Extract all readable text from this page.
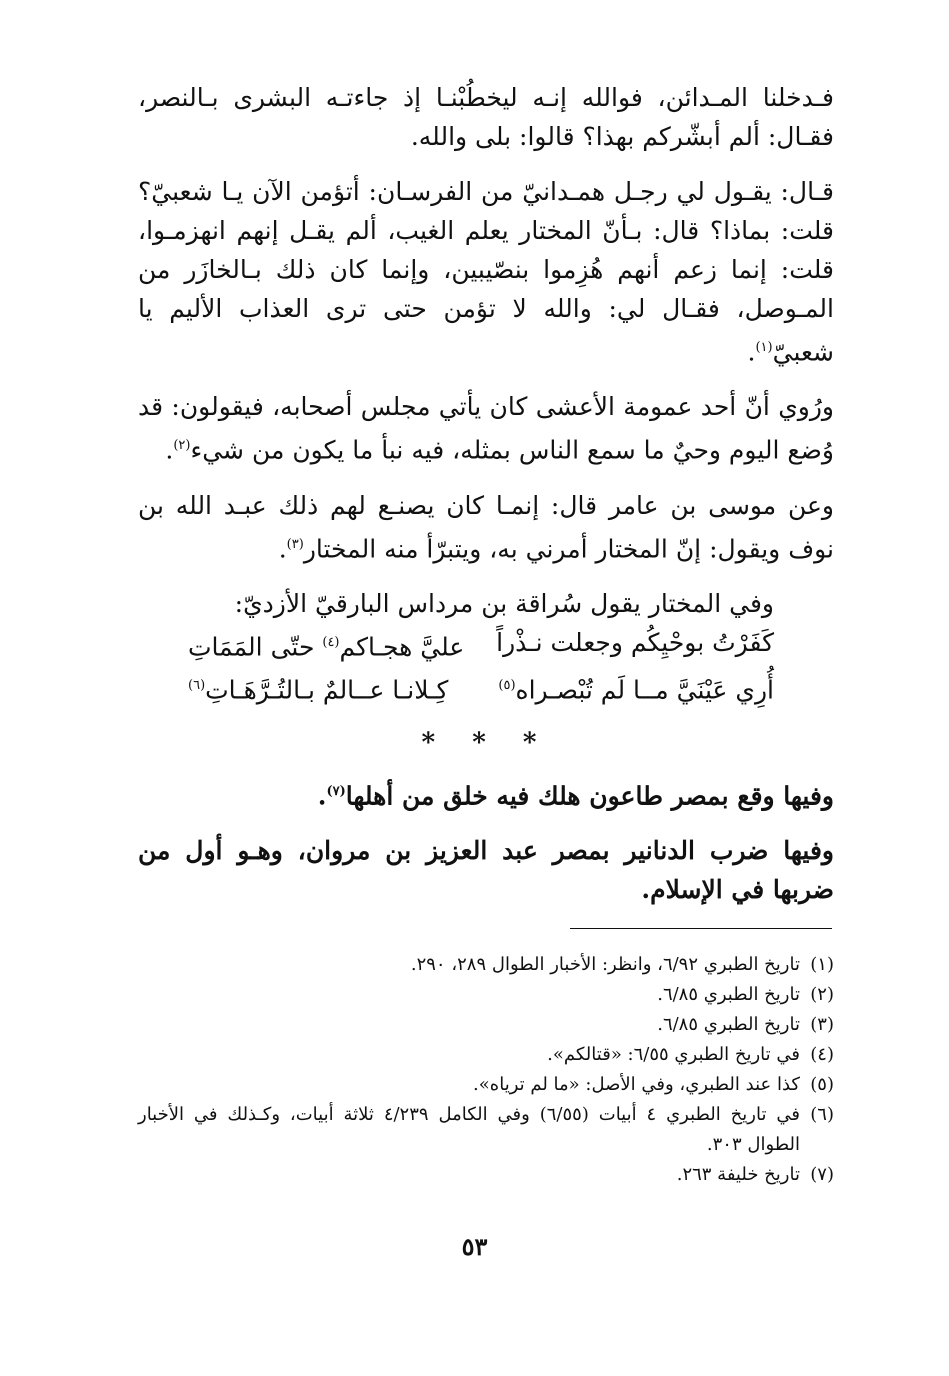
فـدخلنا المـدائن، فوالله إنـه ليخطُبْنـا إذ جاءتـه البشرى بـالنصر، فقـال: ألم أبشّركم بهذا؟ قالوا: بلى والله.

قـال: يقـول لي رجـل همـدانيّ من الفرسـان: أتؤمن الآن يـا شعبيّ؟ قلت: بماذا؟ قال: بـأنّ المختار يعلم الغيب، ألم يقـل إنهم انهزمـوا، قلت: إنما زعم أنهم هُزِموا بنصّيبين، وإنما كان ذلك بـالخازَر من المـوصل، فقـال لي: والله لا تؤمن حتى ترى العذاب الأليم يا شعبيّ$^{(١)}$.

ورُوي أنّ أحد عمومة الأعشى كان يأتي مجلس أصحابه، فيقولون: قد وُضع اليوم وحيٌ ما سمع الناس بمثله، فيه نبأ ما يكون من شيء$^{(٢)}$.

وعن موسى بن عامر قال: إنمـا كان يصنـع لهم ذلك عبـد الله بن نوف ويقول: إنّ المختار أمرني به، ويتبرّأ منه المختار$^{(٣)}$.

وفي المختار يقول سُراقة بن مرداس البارقيّ الأزديّ:

كَفَرْتُ بوحْيِكُم وجعلت نـذْراً
عليَّ هجـاكم$^{(٤)}$ حتّى المَمَاتِ
أُرِي عَيْنَيَّ مــا لَم تُبْصـراه$^{(٥)}$
كِـلانـا عــالمٌ بـالتُـرَّهَـاتِ$^{(٦)}$
* * *

وفيها وقع بمصر طاعون هلك فيه خلق من أهلها$^{(٧)}$.

وفيها ضرب الدنانير بمصر عبد العزيز بن مروان، وهـو أول من ضربها في الإسلام.

(١)
تاريخ الطبري ٦/٩٢، وانظر: الأخبار الطوال ٢٨٩، ٢٩٠.
(٢)
تاريخ الطبري ٦/٨٥.
(٣)
تاريخ الطبري ٦/٨٥.
(٤)
في تاريخ الطبري ٦/٥٥: «قتالكم».
(٥)
كذا عند الطبري، وفي الأصل: «ما لم ترياه».
(٦)
في تاريخ الطبري ٤ أبيات (٦/٥٥) وفي الكامل ٤/٢٣٩ ثلاثة أبيات، وكـذلك في الأخبار الطوال ٣٠٣.
(٧)
تاريخ خليفة ٢٦٣.
٥٣
